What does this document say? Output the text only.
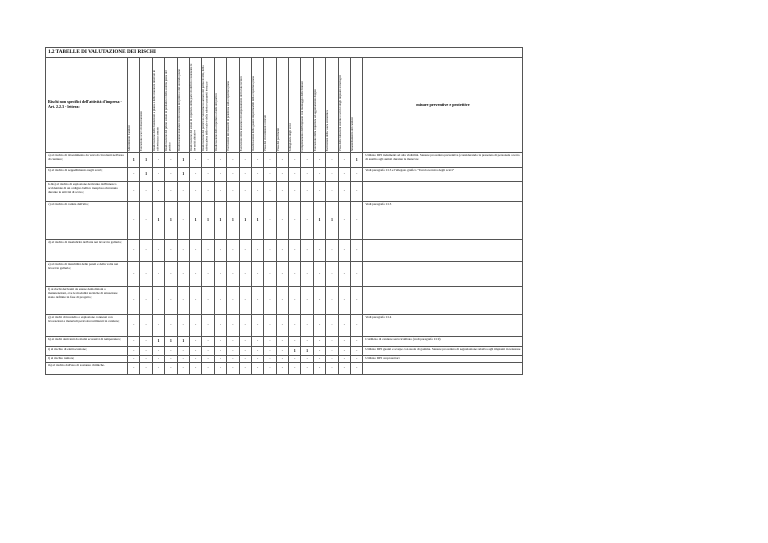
1.2 TABELLE DI VALUTAZIONE DEI RISCHI																				
Rischi non specifici dell'attività d'impresa - Art. 2.2.3 - lettera:	Allestimento Cantiere	Esecuzione scavi di sbancamento	Realizzazione delle fondazioni a platea e delle murature interrate in calcestruzzo armato	Realizzazione del primo solaio in predalles e della soletta piena del portico	Realizzazione murature in elevazione del primo e del secondo piano	Realizzazione del solaio di copertura della parte di edificio contenente le tre unità abitative	Realizzazione dei portici in calcestruzzo armato del primo livello, della soletta piena delle scale e della soletta e parapetti terrazzo	Realizzazione della copertura a falde del portico	Esecuzione dei massetti di pendenza sulla copertura piana	Esecuzione della muratura di tamponamento del locale tecnico	Realizzazione delle guaine impermeabili della copertura piana	Posa dei rivestimenti verticali	Posa dei pavimenti	Sollogiatura degli scavi	Completamento dell'impianto con montaggio delle finiture	Esecuzione della copertura ad aggottamento doppio	Esecuzione della vasca economica	Posa delle tubazioni esterne e servizi degli impianti tecnologici	Smantellamento del cantiere	misure preventive e protettive
a) al rischio di investimento da veicoli circolanti nell'area di cantiere;	1	1	-	-	1	-	-	-	-	-	-	-	-	-	-	-	-	-	1	Utilizzo DPI indumenti ad alta visibilità. Stesure procedura preventiva (considerando la presenza di personale a terra di ausilio agli autisti durante le manovre
b) al rischio di seppellimento negli scavi;	-	1	-	-	1	-	-	-	-	-	-	-	-	-	-	-	-	-	-	Vedi paragrafo C13 e l'allegato grafico "Tavola tecnica degli scavi"
b-bis) al rischio di esplosione derivante dall'innesco accidentale di un ordigno bellico inesploso rinvenuto durante le attività di scavo;	-	-	-	-	-	-	-	-	-	-	-	-	-	-	-	-	-	-	-	
c) al rischio di caduta dall'alto;	-	-	1	1	-	1	1	1	1	1	1	-	-	-	-	1	1	-	-	Vedi paragrafo C13
d) al rischio di insalubrità dell'aria nei lavori in galleria;	-	-	-	-	-	-	-	-	-	-	-	-	-	-	-	-	-	-	-	
e) al rischio di instabilità delle pareti e della volta nei lavori in galleria;	-	-	-	-	-	-	-	-	-	-	-	-	-	-	-	-	-	-	-	
f) ai rischi derivanti da estese demolizioni o manutenzioni, ove le modalità tecniche di attuazione siano definite in fase di progetto;	-	-	-	-	-	-	-	-	-	-	-	-	-	-	-	-	-	-	-	
g) ai rischi di incendio o esplosione connessi con lavorazioni e materiali pericolosi utilizzati in cantiere;	-	-	-	-	-	-	-	-	-	-	-	-	-	-	-	-	-	-	-	Vedi paragrafo C14
h) ai rischi derivanti da sbalzi eccessivi di temperatura;	-	-	1	1	1	-	-	-	-	-	-	-	-	-	-	-	-	-	-	L'utilizzo di cantiere sarà ricalibato (vedi paragrafo C19)
i) al rischio di elettrocuzione;	-	-	-	-	-	-	-	-	-	-	-	-	-	1	1	-	-	-	-	Utilizzo DPI guanti e scarpe con suola di gomma. Stesure procedura di segnalazione relativa agli impianti in tensione
l) al rischio rumore;	-	-	-	-	-	-	-	-	-	-	-	-	-	-	-	-	-	-	-	Utilizzo DPI otoprotettori
m) al rischio dall'uso di sostanze chimiche.	-	-	-	-	-	-	-	-	-	-	-	-	-	-	-	-	-	-	-	
